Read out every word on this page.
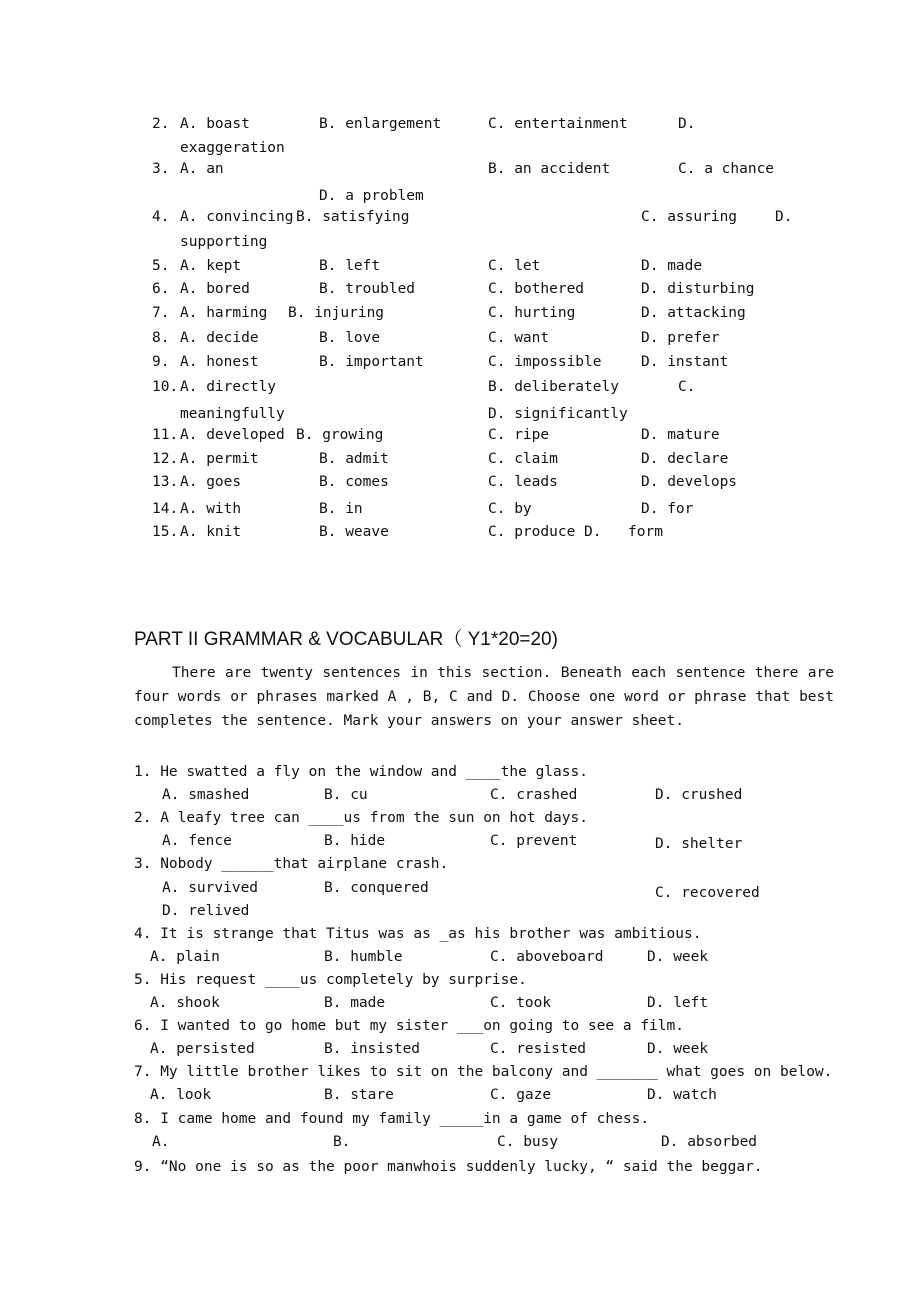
2. A. boast	B. enlargement	C. entertainment	D.
exaggeration
3. A. an	B. an accident	C. a chance
D. a problem
4. A. convincing B. satisfying	C. assuring	D.
supporting
5. A. kept	B. left	C. let	D. made
6. A. bored	B. troubled	C. bothered	D. disturbing
7. A. harming B. injuring	C. hurting	D. attacking
8. A. decide	B. love	C. want	D. prefer
9. A. honest	B. important	C. impossible	D. instant
10. A. directly	B. deliberately	C.
meaningfully	D. significantly
11. A. developed B. growing	C. ripe	D. mature
12. A. permit	B. admit	C. claim	D. declare
13. A. goes	B. comes	C. leads	D. develops
14. A. with	B. in	C. by	D. for
15. A. knit	B. weave	C. produce D. form
PART II GRAMMAR & VOCABULAR（ Y1*20=20)
There are twenty sentences in this section. Beneath each sentence there are four words or phrases marked A , B, C and D. Choose one word or phrase that best completes the sentence. Mark your answers on your answer sheet.
1. He swatted a fly on the window and ____the glass.
A. smashed	B. cu	C. crashed	D. crushed
2. A leafy tree can ____us from the sun on hot days.
A. fence	B. hide	C. prevent	D. shelter
3. Nobody ______that airplane crash.
A. survived	B. conquered	C. recovered
D. relived
4. It is strange that Titus was as _as his brother was ambitious.
A. plain	B. humble	C. aboveboard	D. week
5. His request ____us completely by surprise.
A. shook	B. made	C. took	D. left
6. I wanted to go home but my sister ___on going to see a film.
A. persisted	B. insisted	C. resisted	D. week
7. My little brother likes to sit on the balcony and _______ what goes on below.
A. look	B. stare	C. gaze	D. watch
8. I came home and found my family _____in a game of chess.
A.	B.	C. busy	D. absorbed
9. “No one is so as the poor manwhois suddenly lucky, “ said the beggar.
